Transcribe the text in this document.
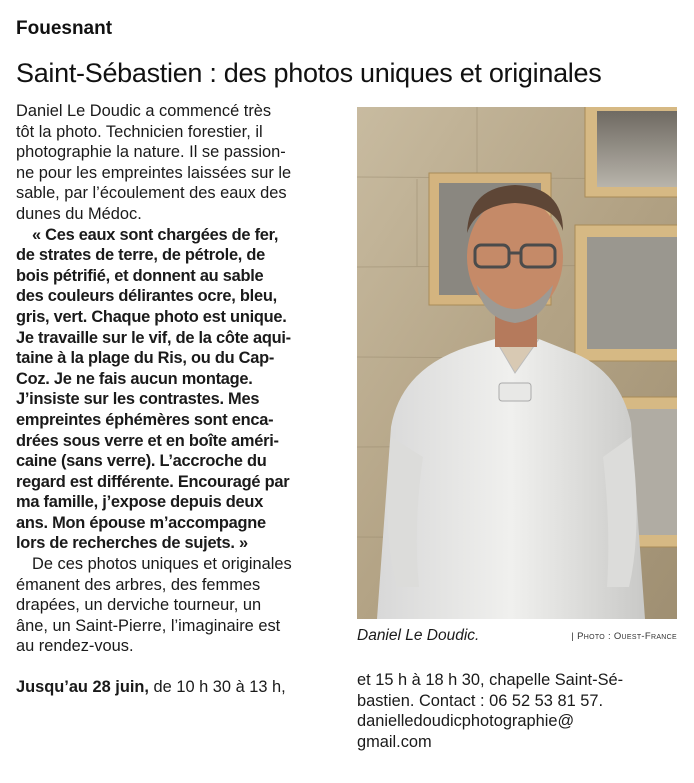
Fouesnant
Saint-Sébastien : des photos uniques et originales

Daniel Le Doudic a commencé très
tôt la photo. Technicien forestier, il
photographie la nature. Il se passion-
ne pour les empreintes laissées sur le
sable, par l’écoulement des eaux des
dunes du Médoc.

« Ces eaux sont chargées de fer,
de strates de terre, de pétrole, de
bois pétrifié, et donnent au sable
des couleurs délirantes ocre, bleu,
gris, vert. Chaque photo est unique.
Je travaille sur le vif, de la côte aqui-
taine à la plage du Ris, ou du Cap-
Coz. Je ne fais aucun montage.
J’insiste sur les contrastes. Mes
empreintes éphémères sont enca-
drées sous verre et en boîte améri-
caine (sans verre). L’accroche du
regard est différente. Encouragé par
ma famille, j’expose depuis deux
ans. Mon épouse m’accompagne
lors de recherches de sujets. »

De ces photos uniques et originales
émanent des arbres, des femmes
drapées, un derviche tourneur, un
âne, un Saint-Pierre, l’imaginaire est
au rendez-vous.

Jusqu’au 28 juin, de 10 h 30 à 13 h,

Daniel Le Doudic.	| Photo : Ouest-France

et 15 h à 18 h 30, chapelle Saint-Sé-
bastien. Contact : 06 52 53 81 57.
danielledoudicphotographie@
gmail.com
